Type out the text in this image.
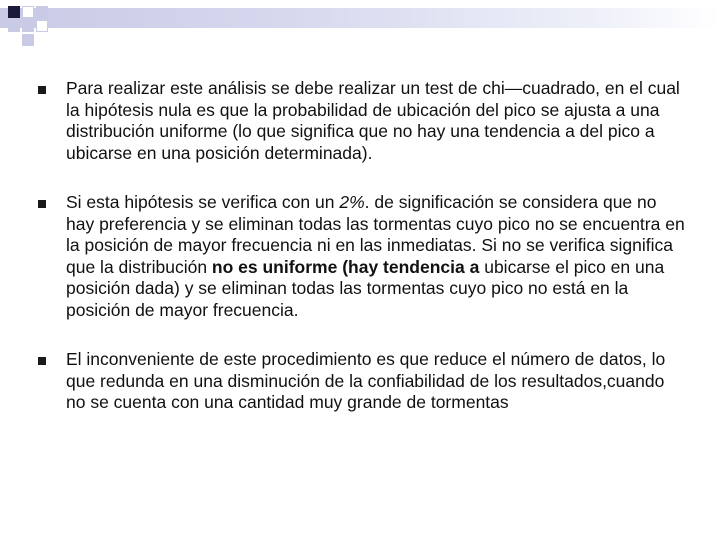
Para realizar este análisis se debe realizar un test de chi—cuadrado, en el cual la hipótesis nula es que la probabilidad de ubicación del pico se ajusta a una distribución uniforme (lo que significa que no hay una tendencia a del pico a ubicarse en una posición determinada).
Si esta hipótesis se verifica con un 2%. de significación se considera que no hay preferencia y se eliminan todas las tormentas cuyo pico no se encuentra en la posición de mayor frecuencia ni en las inmediatas. Si no se verifica significa que la distribución no es uniforme (hay tendencia a ubicarse el pico en una posición dada) y se eliminan todas las tormentas cuyo pico no está en la posición de mayor frecuencia.
El inconveniente de este procedimiento es que reduce el número de datos, lo que redunda en una disminución de la confiabilidad de los resultados,cuando no se cuenta con una cantidad muy grande de tormentas
